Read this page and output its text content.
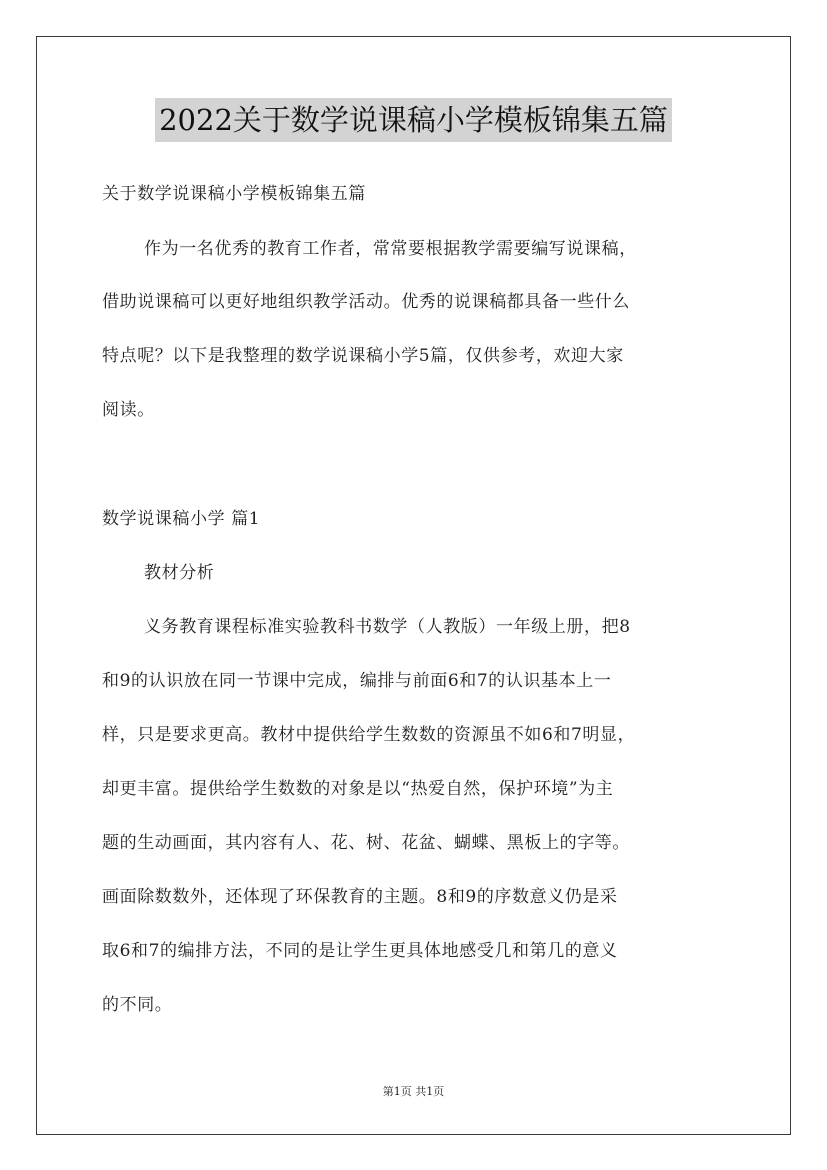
2022关于数学说课稿小学模板锦集五篇
关于数学说课稿小学模板锦集五篇
作为一名优秀的教育工作者，常常要根据教学需要编写说课稿，
借助说课稿可以更好地组织教学活动。优秀的说课稿都具备一些什么
特点呢？以下是我整理的数学说课稿小学5篇，仅供参考，欢迎大家
阅读。
数学说课稿小学 篇1
教材分析
义务教育课程标准实验教科书数学（人教版）一年级上册，把8
和9的认识放在同一节课中完成，编排与前面6和7的认识基本上一
样，只是要求更高。教材中提供给学生数数的资源虽不如6和7明显，
却更丰富。提供给学生数数的对象是以“热爱自然，保护环境”为主
题的生动画面，其内容有人、花、树、花盆、蝴蝶、黑板上的字等。
画面除数数外，还体现了环保教育的主题。8和9的序数意义仍是采
取6和7的编排方法，不同的是让学生更具体地感受几和第几的意义
的不同。
第1页 共1页
